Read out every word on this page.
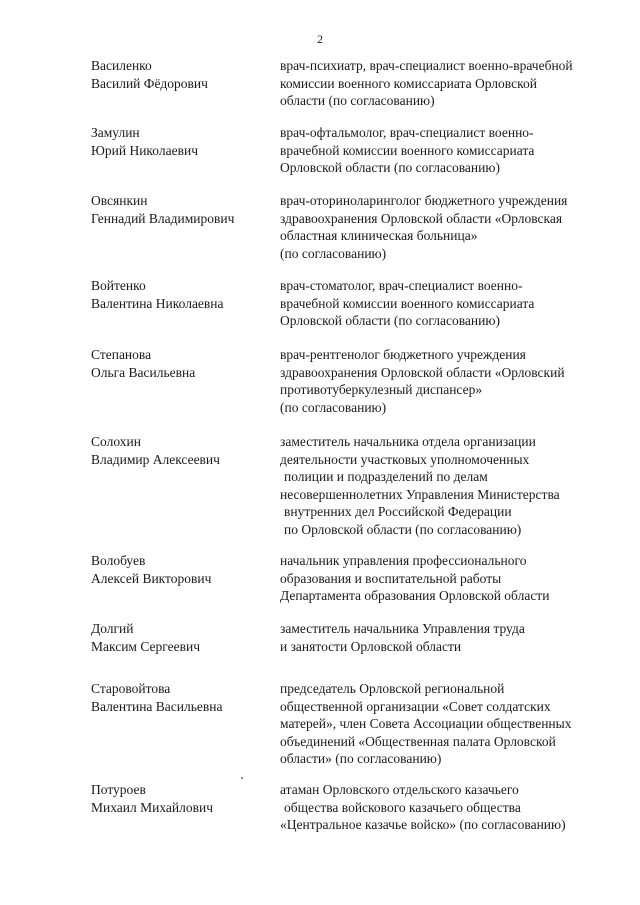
2
Василенко
Василий Фёдорович
врач-психиатр, врач-специалист военно-врачебной
комиссии военного комиссариата Орловской
области (по согласованию)
Замулин
Юрий Николаевич
врач-офтальмолог, врач-специалист военно-
врачебной комиссии военного комиссариата
Орловской области (по согласованию)
Овсянкин
Геннадий Владимирович
врач-оториноларинголог бюджетного учреждения
здравоохранения Орловской области «Орловская
областная клиническая больница»
(по согласованию)
Войтенко
Валентина Николаевна
врач-стоматолог, врач-специалист военно-
врачебной комиссии военного комиссариата
Орловской области (по согласованию)
Степанова
Ольга Васильевна
врач-рентгенолог бюджетного учреждения
здравоохранения Орловской области «Орловский
противотуберкулезный диспансер»
(по согласованию)
Солохин
Владимир Алексеевич
заместитель начальника отдела организации
деятельности участковых уполномоченных
полиции и подразделений по делам
несовершеннолетних Управления Министерства
внутренних дел Российской Федерации
по Орловской области (по согласованию)
Волобуев
Алексей Викторович
начальник управления профессионального
образования и воспитательной работы
Департамента образования Орловской области
Долгий
Максим Сергеевич
заместитель начальника Управления труда
и занятости Орловской области
Старовойтова
Валентина Васильевна
председатель Орловской региональной
общественной организации «Совет солдатских
матерей», член Совета Ассоциации общественных
объединений «Общественная палата Орловской
области» (по согласованию)
Потуроев
Михаил Михайлович
атаман Орловского отдельского казачьего
общества войскового казачьего общества
«Центральное казачье войско» (по согласованию)
